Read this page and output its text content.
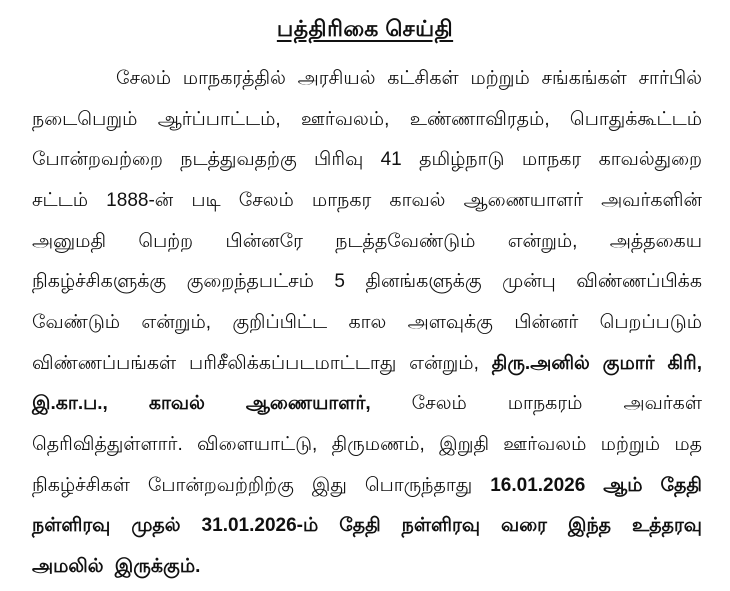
பத்திரிகை செய்தி

சேலம் மாநகரத்தில் அரசியல் கட்சிகள் மற்றும் சங்கங்கள் சார்பில் நடைபெறும் ஆர்ப்பாட்டம், ஊர்வலம், உண்ணாவிரதம், பொதுக்கூட்டம் போன்றவற்றை நடத்துவதற்கு பிரிவு 41 தமிழ்நாடு மாநகர காவல்துறை சட்டம் 1888-ன் படி சேலம் மாநகர காவல் ஆணையாளர் அவர்களின் அனுமதி பெற்ற பின்னரே நடத்தவேண்டும் என்றும், அத்தகைய நிகழ்ச்சிகளுக்கு குறைந்தபட்சம் 5 தினங்களுக்கு முன்பு விண்ணப்பிக்க வேண்டும் என்றும், குறிப்பிட்ட கால அளவுக்கு பின்னர் பெறப்படும் விண்ணப்பங்கள் பரிசீலிக்கப்படமாட்டாது என்றும், திரு.அனில் குமார் கிரி, இ.கா.ப., காவல் ஆணையாளர், சேலம் மாநகரம் அவர்கள் தெரிவித்துள்ளார். விளையாட்டு, திருமணம், இறுதி ஊர்வலம் மற்றும் மத நிகழ்ச்சிகள் போன்றவற்றிற்கு இது பொருந்தாது 16.01.2026 ஆம் தேதி நள்ளிரவு முதல் 31.01.2026-ம் தேதி நள்ளிரவு வரை இந்த உத்தரவு அமலில் இருக்கும்.
